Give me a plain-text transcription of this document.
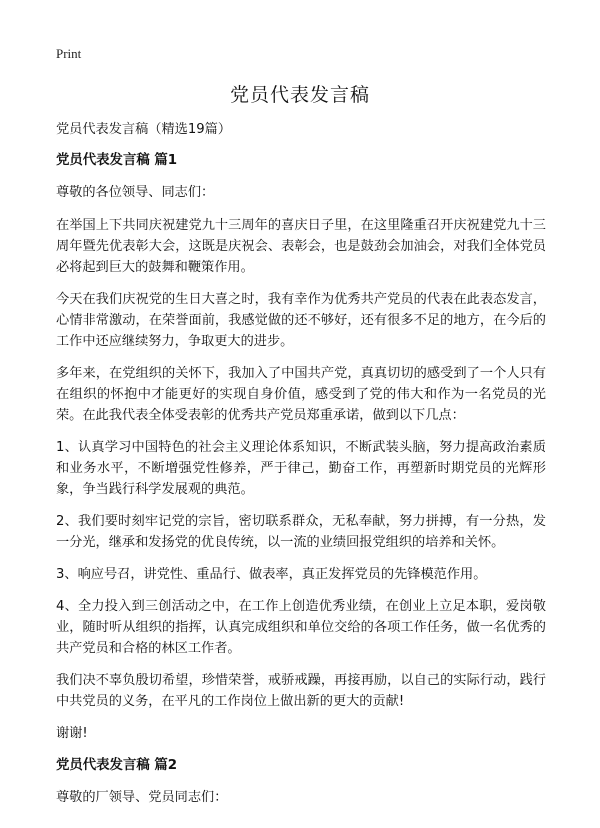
Print
党员代表发言稿

党员代表发言稿（精选19篇）

党员代表发言稿 篇1

尊敬的各位领导、同志们：

在举国上下共同庆祝建党九十三周年的喜庆日子里，在这里隆重召开庆祝建党九十三周年暨先优表彰大会，这既是庆祝会、表彰会，也是鼓劲会加油会，对我们全体党员必将起到巨大的鼓舞和鞭策作用。

今天在我们庆祝党的生日大喜之时，我有幸作为优秀共产党员的代表在此表态发言，心情非常激动，在荣誉面前，我感觉做的还不够好，还有很多不足的地方，在今后的工作中还应继续努力，争取更大的进步。

多年来，在党组织的关怀下，我加入了中国共产党，真真切切的感受到了一个人只有在组织的怀抱中才能更好的实现自身价值，感受到了党的伟大和作为一名党员的光荣。在此我代表全体受表彰的优秀共产党员郑重承诺，做到以下几点：

1、认真学习中国特色的社会主义理论体系知识，不断武装头脑，努力提高政治素质和业务水平，不断增强党性修养，严于律己，勤奋工作，再塑新时期党员的光辉形象，争当践行科学发展观的典范。

2、我们要时刻牢记党的宗旨，密切联系群众，无私奉献，努力拼搏，有一分热，发一分光，继承和发扬党的优良传统，以一流的业绩回报党组织的培养和关怀。

3、响应号召，讲党性、重品行、做表率，真正发挥党员的先锋模范作用。

4、全力投入到三创活动之中，在工作上创造优秀业绩，在创业上立足本职，爱岗敬业，随时听从组织的指挥，认真完成组织和单位交给的各项工作任务，做一名优秀的共产党员和合格的林区工作者。

我们决不辜负殷切希望，珍惜荣誉，戒骄戒躁，再接再励，以自己的实际行动，践行中共党员的义务，在平凡的工作岗位上做出新的更大的贡献!

谢谢!

党员代表发言稿 篇2

尊敬的厂领导、党员同志们：
